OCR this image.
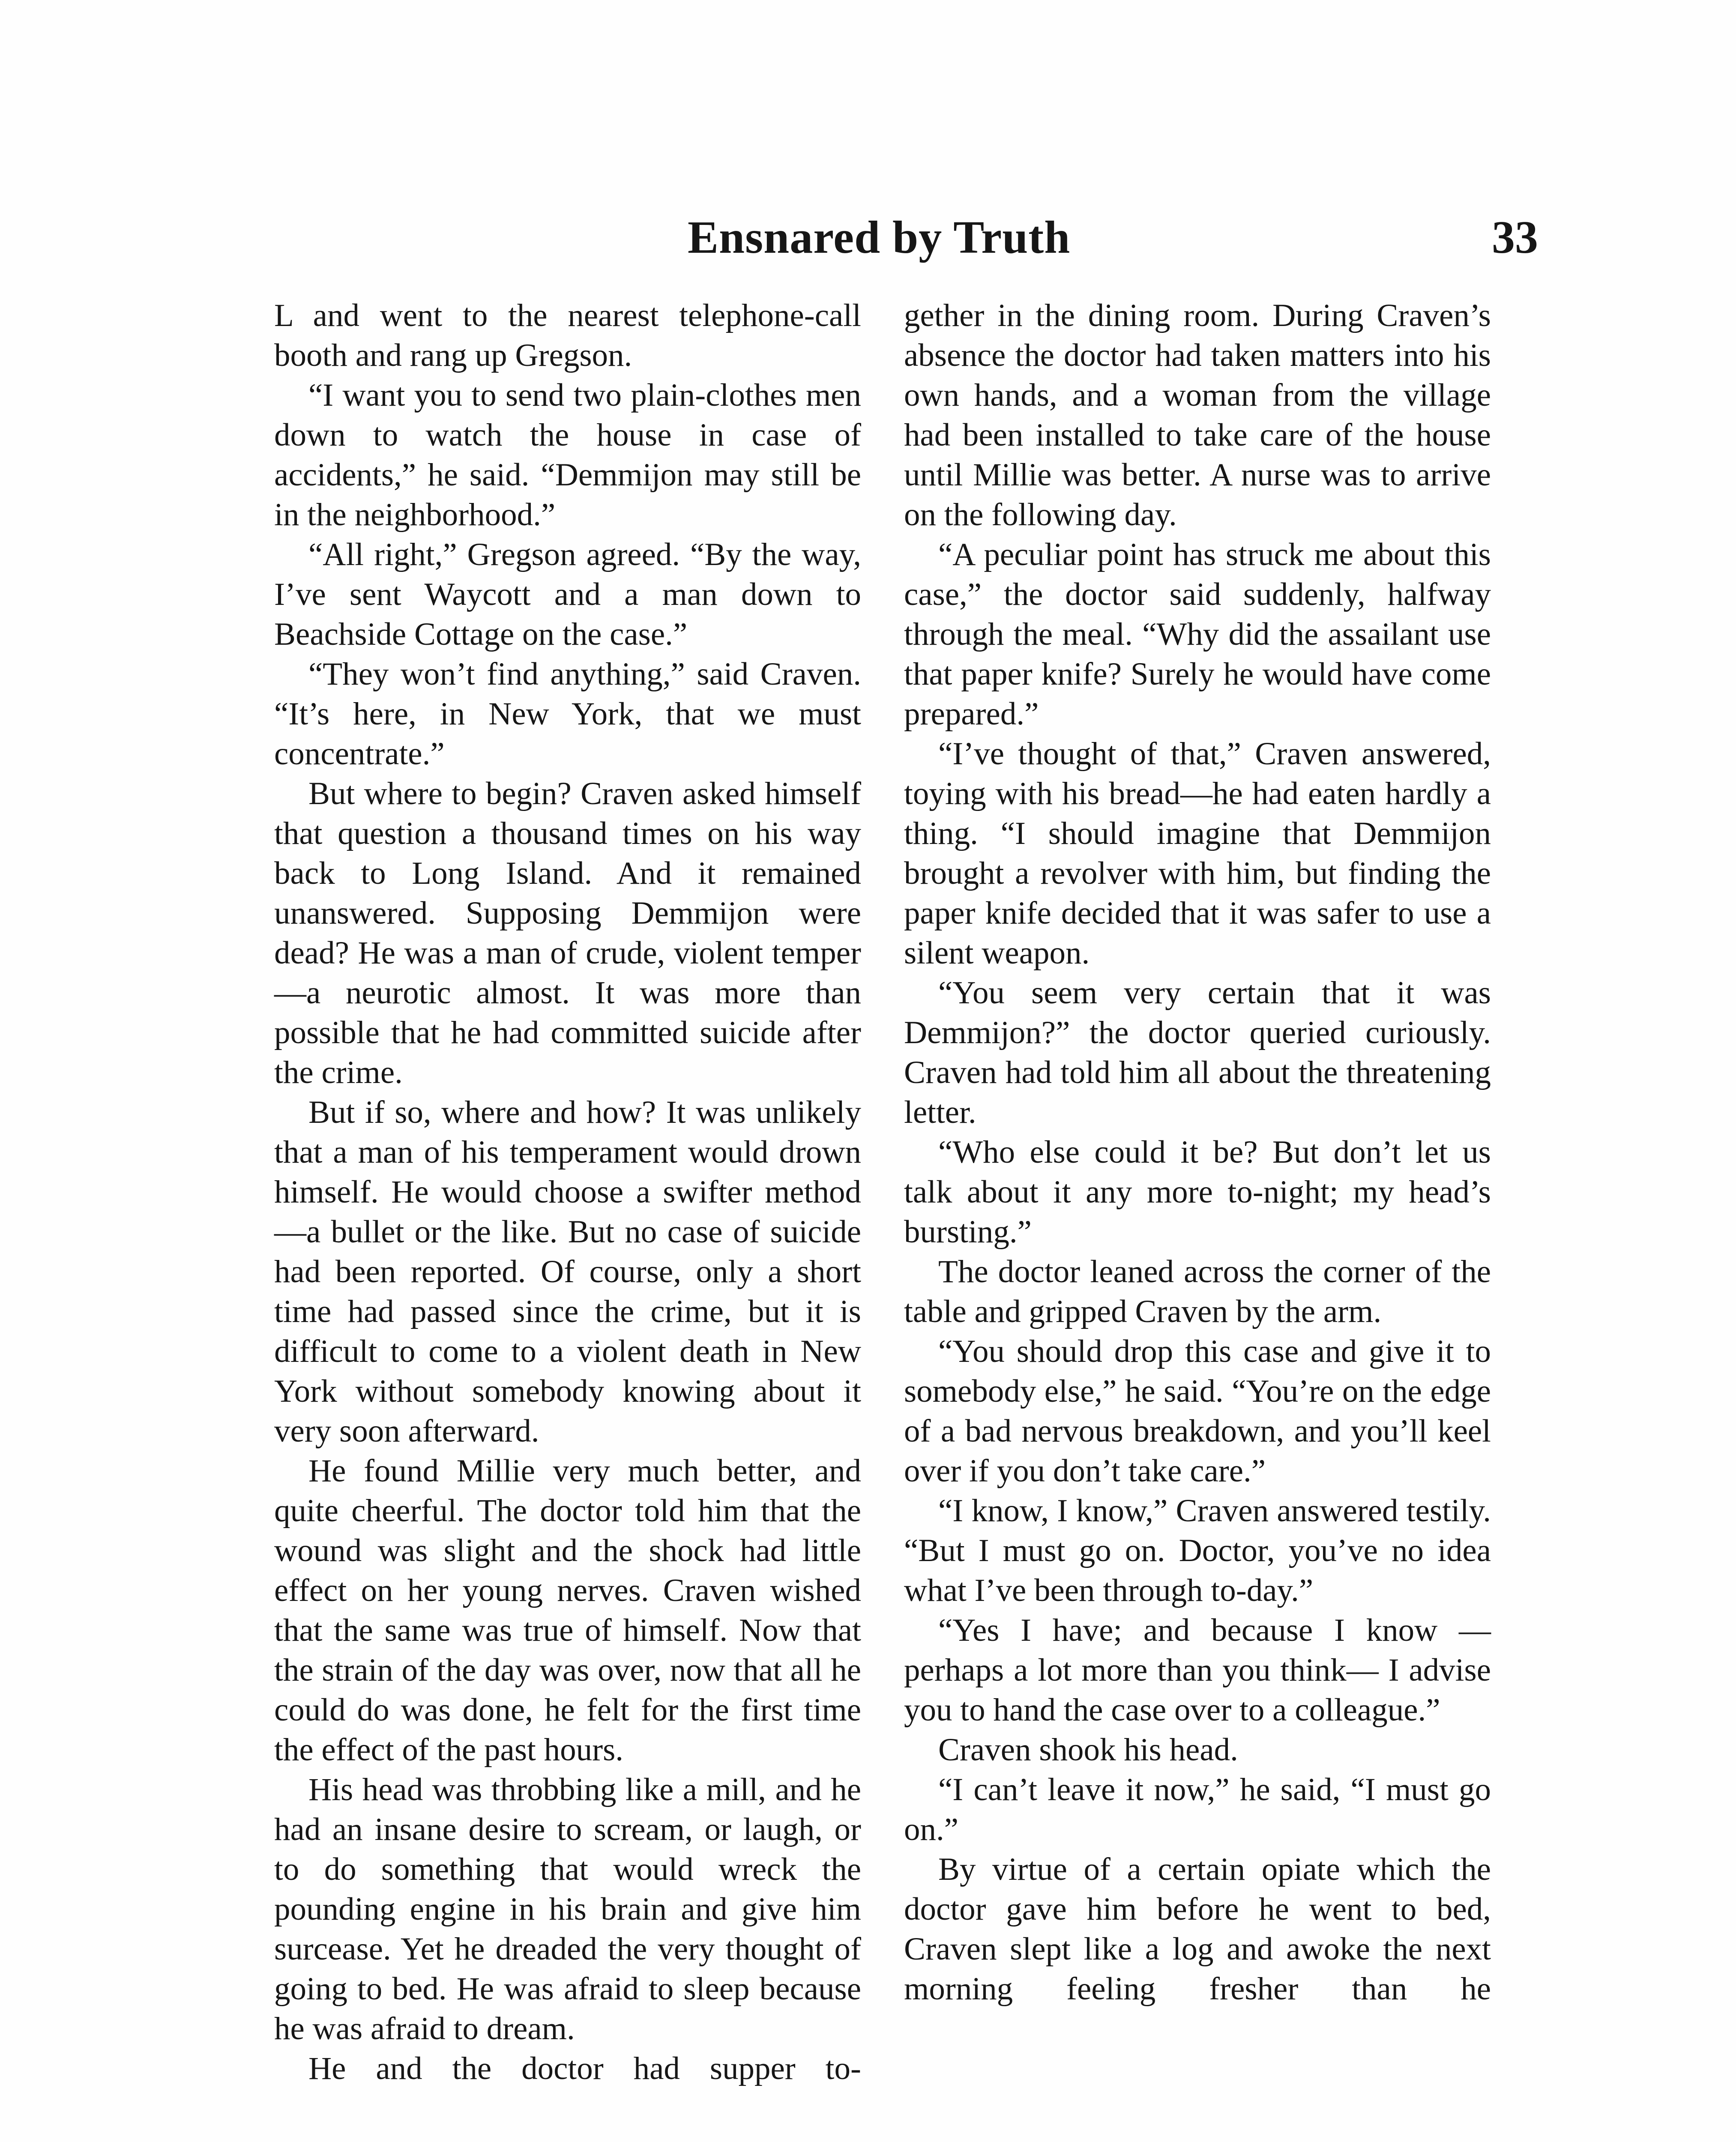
Ensnared by Truth	33

L and went to the nearest telephone-call booth and rang up Gregson.

“I want you to send two plain-clothes men down to watch the house in case of accidents,” he said. “Demmijon may still be in the neighborhood.”

“All right,” Gregson agreed. “By the way, I’ve sent Waycott and a man down to Beachside Cottage on the case.”

“They won’t find anything,” said Craven. “It’s here, in New York, that we must concentrate.”

But where to begin? Craven asked himself that question a thousand times on his way back to Long Island. And it remained unanswered. Supposing Demmijon were dead? He was a man of crude, violent temper—a neurotic almost. It was more than possible that he had committed suicide after the crime.

But if so, where and how? It was unlikely that a man of his temperament would drown himself. He would choose a swifter method—a bullet or the like. But no case of suicide had been reported. Of course, only a short time had passed since the crime, but it is difficult to come to a violent death in New York without somebody knowing about it very soon afterward.

He found Millie very much better, and quite cheerful. The doctor told him that the wound was slight and the shock had little effect on her young nerves. Craven wished that the same was true of himself. Now that the strain of the day was over, now that all he could do was done, he felt for the first time the effect of the past hours.

His head was throbbing like a mill, and he had an insane desire to scream, or laugh, or to do something that would wreck the pounding engine in his brain and give him surcease. Yet he dreaded the very thought of going to bed. He was afraid to sleep because he was afraid to dream.

He and the doctor had supper to-

gether in the dining room. During Craven’s absence the doctor had taken matters into his own hands, and a woman from the village had been installed to take care of the house until Millie was better. A nurse was to arrive on the following day.

“A peculiar point has struck me about this case,” the doctor said suddenly, halfway through the meal. “Why did the assailant use that paper knife? Surely he would have come prepared.”

“I’ve thought of that,” Craven answered, toying with his bread—he had eaten hardly a thing. “I should imagine that Demmijon brought a revolver with him, but finding the paper knife decided that it was safer to use a silent weapon.

“You seem very certain that it was Demmijon?” the doctor queried curiously. Craven had told him all about the threatening letter.

“Who else could it be? But don’t let us talk about it any more to-night; my head’s bursting.”

The doctor leaned across the corner of the table and gripped Craven by the arm.

“You should drop this case and give it to somebody else,” he said. “You’re on the edge of a bad nervous breakdown, and you’ll keel over if you don’t take care.”

“I know, I know,” Craven answered testily. “But I must go on. Doctor, you’ve no idea what I’ve been through to-day.”

“Yes I have; and because I know —perhaps a lot more than you think— I advise you to hand the case over to a colleague.”

Craven shook his head.

“I can’t leave it now,” he said, “I must go on.”

By virtue of a certain opiate which the doctor gave him before he went to bed, Craven slept like a log and awoke the next morning feeling fresher than he
